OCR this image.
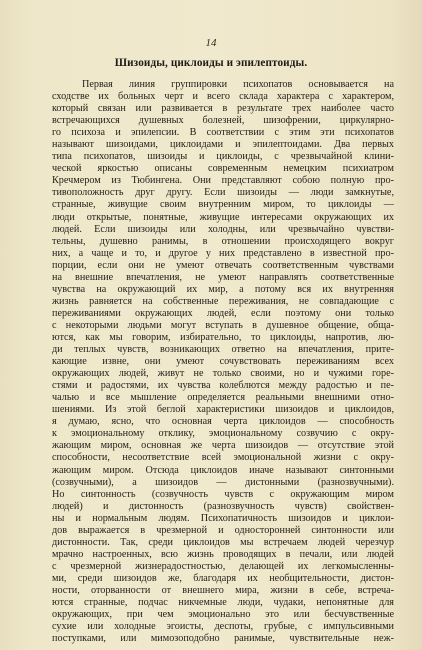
14
Шизоиды, циклоиды и эпилептоиды.
Первая линия группировки психопатов основывается на
сходстве их больных черт и всего склада характера с характером,
который связан или развивается в результате трех наиболее часто
встречающихся душевных болезней, шизофрении, циркулярно-
го психоза и эпилепсии. В соответствии с этим эти психопатов
называют шизоидами, циклоидами и эпилептоидами. Два первых
типа психопатов, шизоиды и циклоиды, с чрезвычайной клини-
ческой яркостью описаны современным немецким психиатром
Кречмером из Тюбингена. Они представляют собою полную про-
тивоположность друг другу. Если шизоиды — люди замкнутые,
странные, живущие своим внутренним миром, то циклоиды —
люди открытые, понятные, живущие интересами окружающих их
людей. Если шизоиды или холодны, или чрезвычайно чувстви-
тельны, душевно ранимы, в отношении происходящего вокруг
них, а чаще и то, и другое у них представлено в известной про-
порции, если они не умеют отвечать соответственным чувствами
на внешние впечатления, не умеют направлять соответственные
чувства на окружающий их мир, а потому вся их внутренняя
жизнь равняется на собственные переживания, не совпадающие с
переживаниями окружающих людей, если поэтому они только
с некоторыми людьми могут вступать в душевное общение, обща-
ются, как мы говорим, избирательно, то циклоиды, напротив, лю-
ди теплых чувств, возникающих ответно на впечатления, прите-
кающие извне, они умеют сочувствовать переживаниям всех
окружающих людей, живут не только своими, но и чужими горе-
стями и радостями, их чувства колеблются между радостью и пе-
чалью и все мышление определяется реальными внешними отно-
шениями. Из этой беглой характеристики шизоидов и циклоидов,
я думаю, ясно, что основная черта циклоидов — способность
к эмоциональному отклику, эмоциональному созвучию с окру-
жающим миром, основная же черта шизоидов — отсутствие этой
способности, несоответствие всей эмоциональной жизни с окру-
жающим миром. Отсюда циклоидов иначе называют синтонными
(созвучными), а шизоидов — дистонными (разнозвучными).
Но синтонность (созвучность чувств с окружающим миром
людей) и дистонность (разнозвучность чувств) свойствен-
ны и нормальным людям. Психопатичность шизоидов и циклои-
дов выражается в чрезмерной и односторонней синтонности или
дистонности. Так, среди циклоидов мы встречаем людей черезчур
мрачно настроенных, всю жизнь проводящих в печали, или людей
с чрезмерной жизнерадостностью, делающей их легкомысленны-
ми, среди шизоидов же, благодаря их необщительности, дистон-
ности, оторванности от внешнего мира, жизни в себе, встреча-
ются странные, подчас никчемные люди, чудаки, непонятные для
окружающих, при чем эмоционально это или бесчувственные
сухие или холодные эгоисты, деспоты, грубые, с импульсивными
поступками, или мимозоподобно ранимые, чувствительные неж-
